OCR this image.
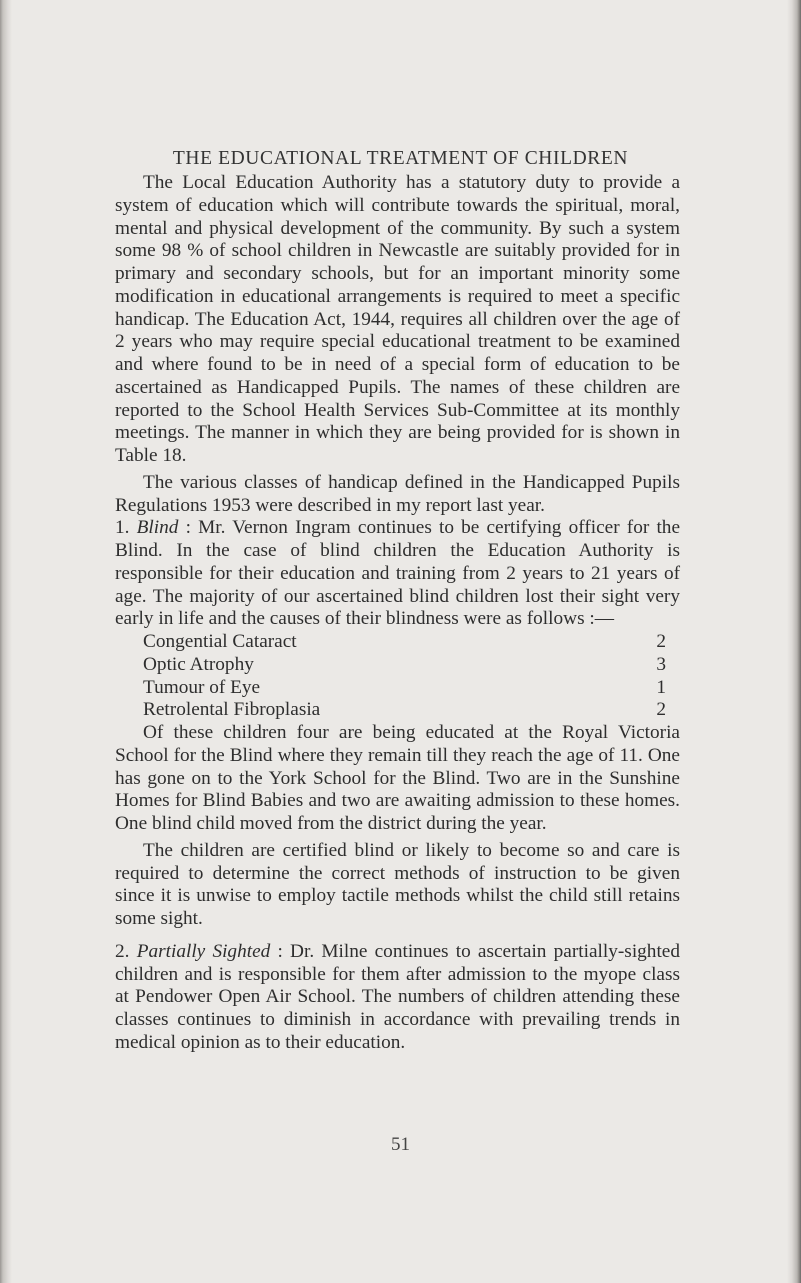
THE EDUCATIONAL TREATMENT OF CHILDREN

The Local Education Authority has a statutory duty to provide a system of education which will contribute towards the spiritual, moral, mental and physical development of the community. By such a system some 98 % of school children in Newcastle are suitably provided for in primary and secondary schools, but for an important minority some modification in educational arrangements is required to meet a specific handicap. The Education Act, 1944, requires all children over the age of 2 years who may require special educational treatment to be examined and where found to be in need of a special form of education to be ascertained as Handicapped Pupils. The names of these children are reported to the School Health Services Sub-Committee at its monthly meetings. The manner in which they are being provided for is shown in Table 18.

The various classes of handicap defined in the Handicapped Pupils Regulations 1953 were described in my report last year.

1. Blind : Mr. Vernon Ingram continues to be certifying officer for the Blind. In the case of blind children the Education Authority is responsible for their education and training from 2 years to 21 years of age. The majority of our ascertained blind children lost their sight very early in life and the causes of their blindness were as follows :—

Congential Cataract	2
Optic Atrophy	3
Tumour of Eye	1
Retrolental Fibroplasia	2

Of these children four are being educated at the Royal Victoria School for the Blind where they remain till they reach the age of 11. One has gone on to the York School for the Blind. Two are in the Sunshine Homes for Blind Babies and two are awaiting admission to these homes. One blind child moved from the district during the year.

The children are certified blind or likely to become so and care is required to determine the correct methods of instruction to be given since it is unwise to employ tactile methods whilst the child still retains some sight.

2. Partially Sighted : Dr. Milne continues to ascertain partially-sighted children and is responsible for them after admission to the myope class at Pendower Open Air School. The numbers of children attending these classes continues to diminish in accordance with prevailing trends in medical opinion as to their education.

51
